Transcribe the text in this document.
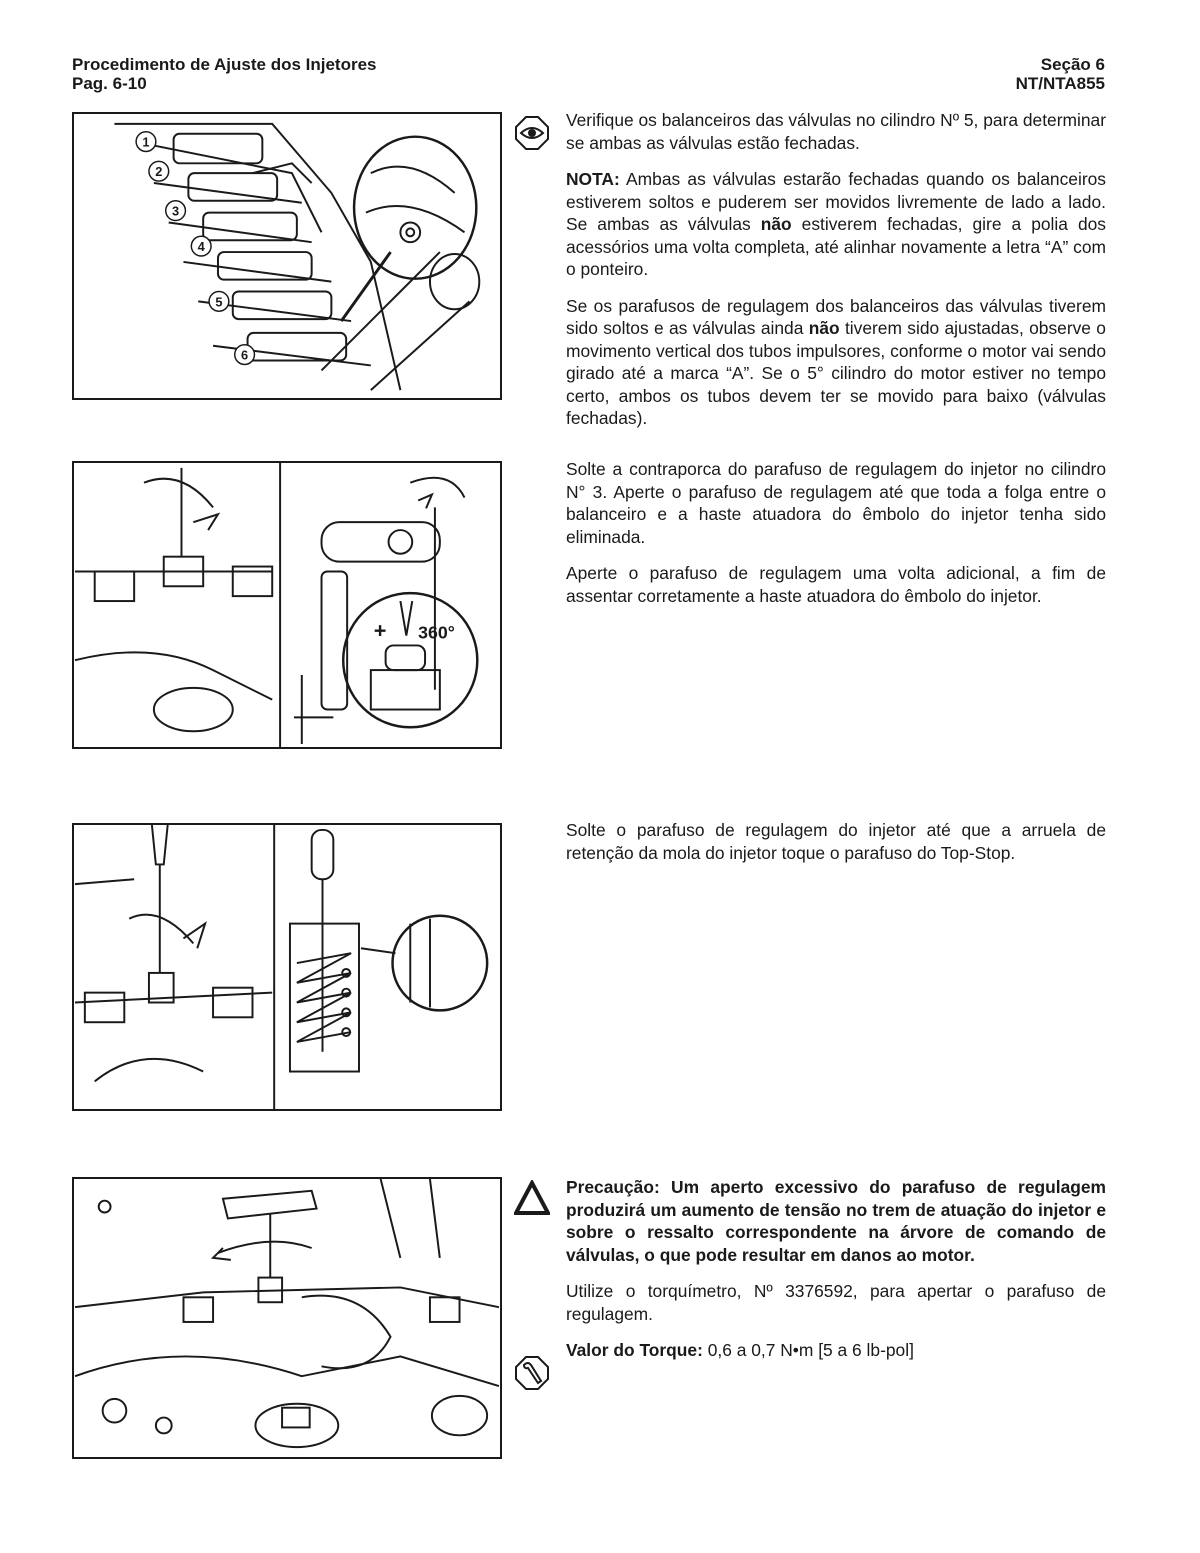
Procedimento de Ajuste dos Injetores
Pag. 6-10
Seção 6
NT/NTA855
1
2
3
4
5
6
+ 360°

Verifique os balanceiros das válvulas no cilindro Nº 5, para determinar se ambas as válvulas estão fechadas.

NOTA: Ambas as válvulas estarão fechadas quando os balanceiros estiverem soltos e puderem ser movidos livremente de lado a lado. Se ambas as válvulas não estiverem fechadas, gire a polia dos acessórios uma volta completa, até alinhar novamente a letra “A” com o ponteiro.

Se os parafusos de regulagem dos balanceiros das válvulas tiverem sido soltos e as válvulas ainda não tiverem sido ajustadas, observe o movimento vertical dos tubos impulsores, conforme o motor vai sendo girado até a marca “A”. Se o 5° cilindro do motor estiver no tempo certo, ambos os tubos devem ter se movido para baixo (válvulas fechadas).

Solte a contraporca do parafuso de regulagem do injetor no cilindro N° 3. Aperte o parafuso de regulagem até que toda a folga entre o balanceiro e a haste atuadora do êmbolo do injetor tenha sido eliminada.

Aperte o parafuso de regulagem uma volta adicional, a fim de assentar corretamente a haste atuadora do êmbolo do injetor.

Solte o parafuso de regulagem do injetor até que a arruela de retenção da mola do injetor toque o parafuso do Top-Stop.

Precaução: Um aperto excessivo do parafuso de regulagem produzirá um aumento de tensão no trem de atuação do injetor e sobre o ressalto correspondente na árvore de comando de válvulas, o que pode resultar em danos ao motor.

Utilize o torquímetro, Nº 3376592, para apertar o parafuso de regulagem.

Valor do Torque: 0,6 a 0,7 N•m [5 a 6 lb-pol]
